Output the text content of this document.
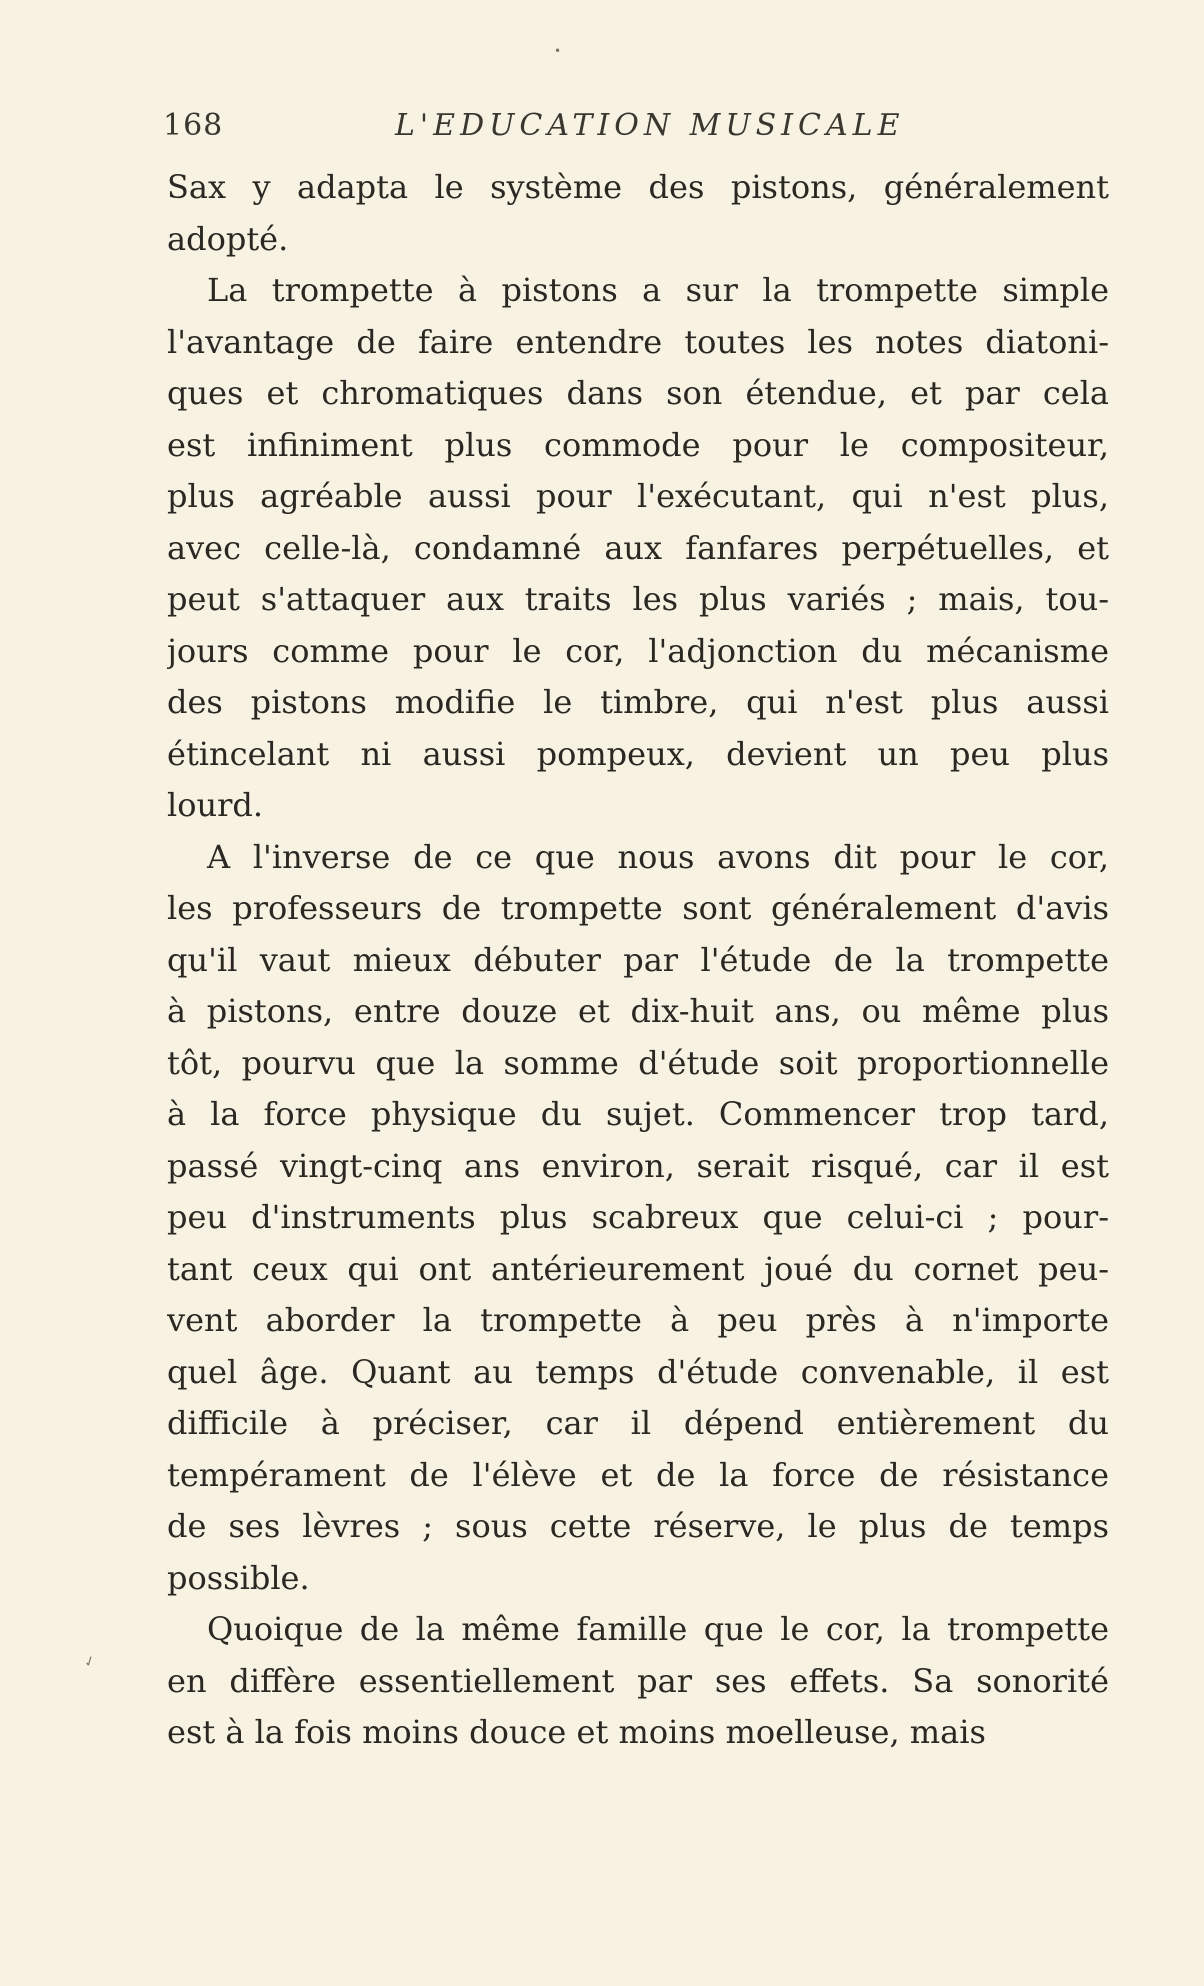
•
✓
168	L'EDUCATION MUSICALE
Sax y adapta le système des pistons, généralement
adopté.
La trompette à pistons a sur la trompette simple
l'avantage de faire entendre toutes les notes diatoni-
ques et chromatiques dans son étendue, et par cela
est infiniment plus commode pour le compositeur,
plus agréable aussi pour l'exécutant, qui n'est plus,
avec celle-là, condamné aux fanfares perpétuelles, et
peut s'attaquer aux traits les plus variés ; mais, tou-
jours comme pour le cor, l'adjonction du mécanisme
des pistons modifie le timbre, qui n'est plus aussi
étincelant ni aussi pompeux, devient un peu plus
lourd.
A l'inverse de ce que nous avons dit pour le cor,
les professeurs de trompette sont généralement d'avis
qu'il vaut mieux débuter par l'étude de la trompette
à pistons, entre douze et dix-huit ans, ou même plus
tôt, pourvu que la somme d'étude soit proportionnelle
à la force physique du sujet. Commencer trop tard,
passé vingt-cinq ans environ, serait risqué, car il est
peu d'instruments plus scabreux que celui-ci ; pour-
tant ceux qui ont antérieurement joué du cornet peu-
vent aborder la trompette à peu près à n'importe
quel âge. Quant au temps d'étude convenable, il est
difficile à préciser, car il dépend entièrement du
tempérament de l'élève et de la force de résistance
de ses lèvres ; sous cette réserve, le plus de temps
possible.
Quoique de la même famille que le cor, la trompette
en diffère essentiellement par ses effets. Sa sonorité
est à la fois moins douce et moins moelleuse, mais
